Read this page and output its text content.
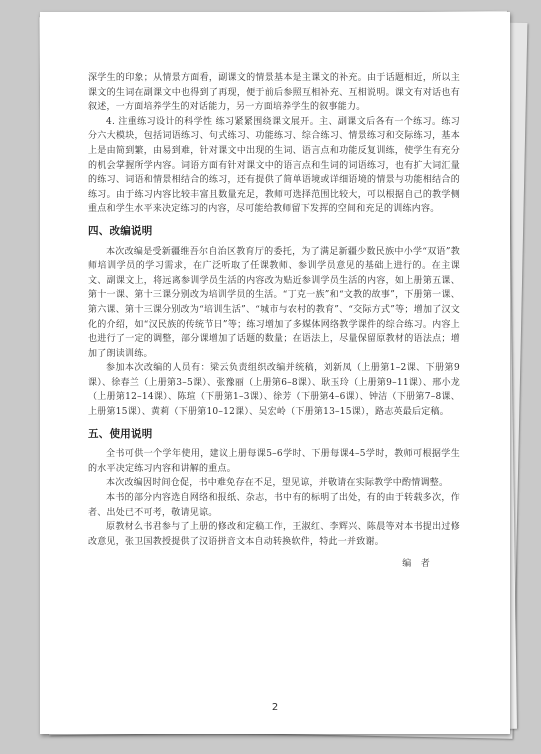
深学生的印象；从情景方面看，副课文的情景基本是主课文的补充。由于话题相近，所以主课文的生词在副课文中也得到了再现，便于前后参照互相补充、互相说明。课文有对话也有叙述，一方面培养学生的对话能力，另一方面培养学生的叙事能力。

4. 注重练习设计的科学性 练习紧紧围绕课文展开。主、副课文后各有一个练习。练习分六大模块，包括词语练习、句式练习、功能练习、综合练习、情景练习和交际练习，基本上是由简到繁，由易到难，针对课文中出现的生词、语言点和功能反复训练，使学生有充分的机会掌握所学内容。词语方面有针对课文中的语言点和生词的词语练习，也有扩大词汇量的练习、词语和情景相结合的练习，还有提供了简单语境或详细语境的情景与功能相结合的练习。由于练习内容比较丰富且数量充足，教师可选择范围比较大，可以根据自己的教学侧重点和学生水平来决定练习的内容，尽可能给教师留下发挥的空间和充足的训练内容。

四、改编说明

本次改编是受新疆维吾尔自治区教育厅的委托，为了满足新疆少数民族中小学“双语”教师培训学员的学习需求，在广泛听取了任课教师、参训学员意见的基础上进行的。在主课文、副课文上，将远离参训学员生活的内容改为贴近参训学员生活的内容，如上册第五课、第十一课、第十三课分别改为培训学员的生活。“丁克一族”和“文教的故事”，下册第一课、第六课、第十三课分别改为“培训生活”、“城市与农村的教育”、“交际方式”等；增加了汉文化的介绍，如“汉民族的传统节日”等；练习增加了多媒体网络教学课件的综合练习。内容上也进行了一定的调整，部分课增加了话题的数量；在语法上，尽量保留原教材的语法点；增加了朗读训练。

参加本次改编的人员有：梁云负责组织改编并统稿，刘新凤（上册第1–2课、下册第9课）、徐春兰（上册第3–5课）、张豫丽（上册第6–8课）、耿玉玲（上册第9–11课）、邢小龙（上册第12–14课）、陈瑄（下册第1–3课）、徐芳（下册第4–6课）、钟洁（下册第7–8课、上册第15课）、黄莉（下册第10–12课）、吴宏岭（下册第13–15课），路志英最后定稿。

五、使用说明

全书可供一个学年使用，建议上册每课5–6学时、下册每课4–5学时，教师可根据学生的水平决定练习内容和讲解的重点。

本次改编因时间仓促，书中难免存在不足，望见谅，并敬请在实际教学中酌情调整。

本书的部分内容选自网络和报纸、杂志，书中有的标明了出处，有的由于转载多次，作者、出处已不可考，敬请见谅。

原教材么书君参与了上册的修改和定稿工作，王淑红、李辉兴、陈晨等对本书提出过修改意见，张卫国教授提供了汉语拼音文本自动转换软件，特此一并致谢。

编　者
2
